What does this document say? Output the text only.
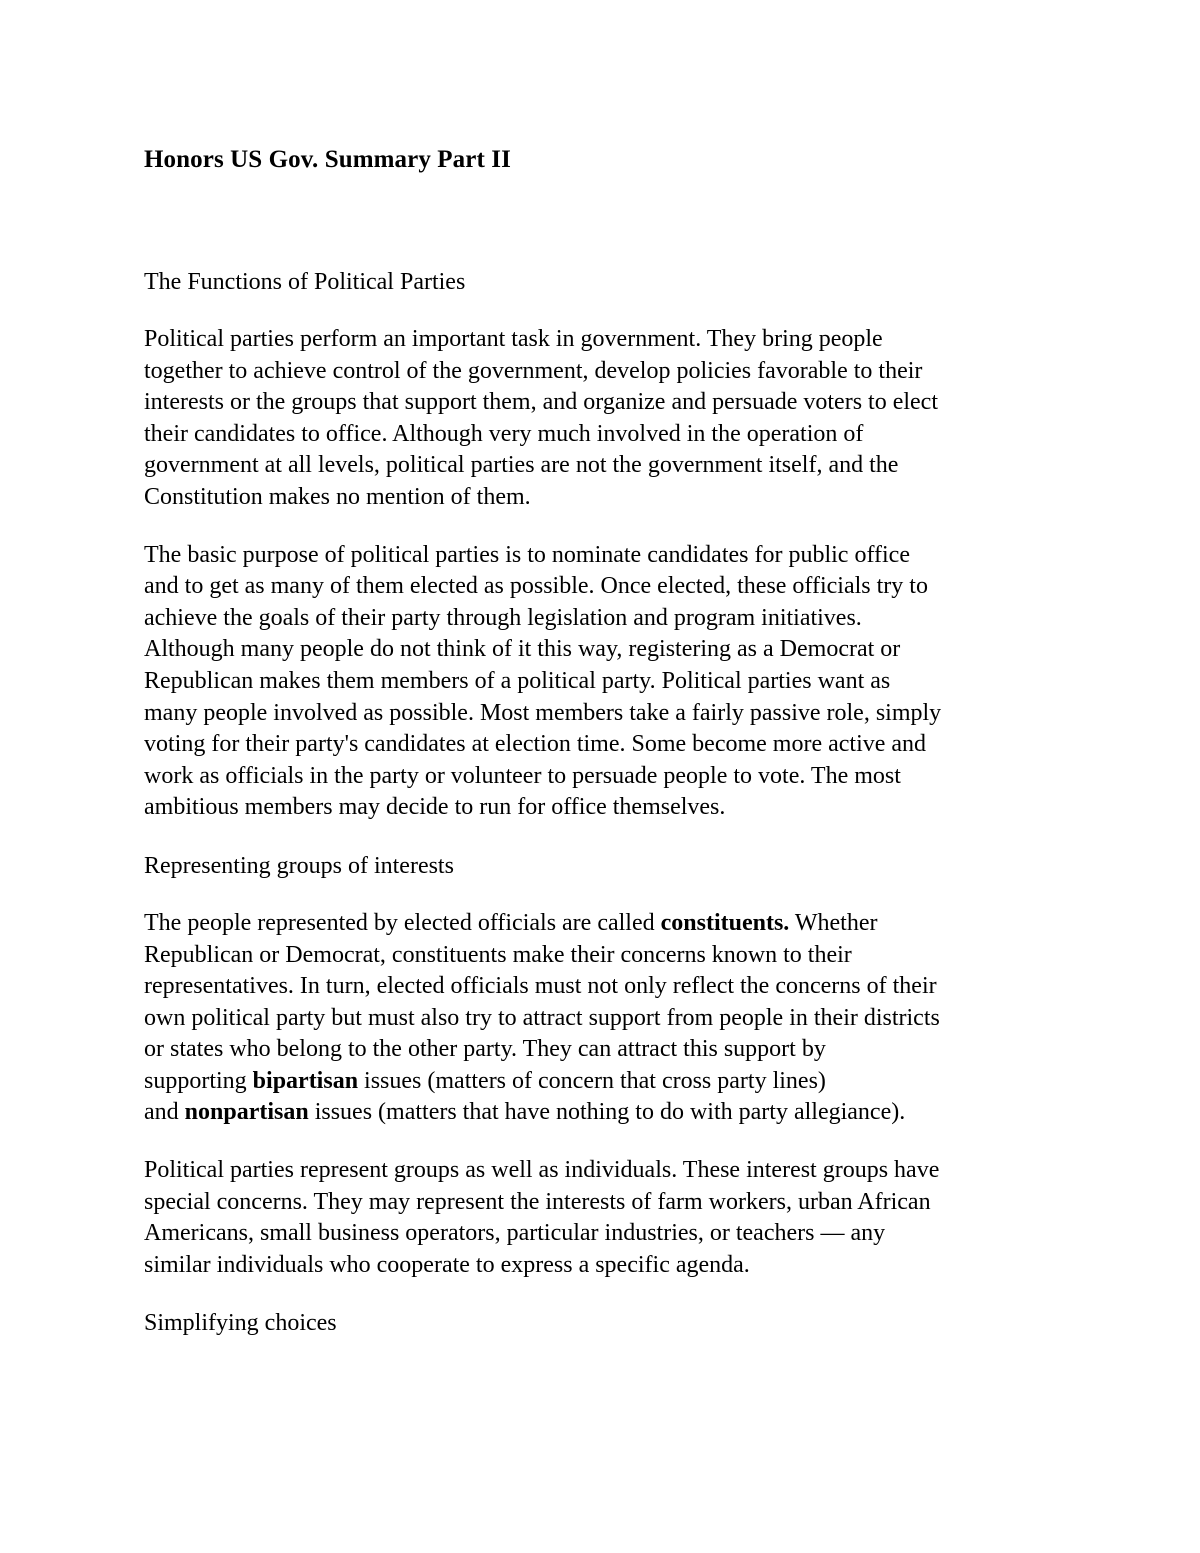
Honors US Gov. Summary Part II
The Functions of Political Parties

Political parties perform an important task in government. They bring people
together to achieve control of the government, develop policies favorable to their
interests or the groups that support them, and organize and persuade voters to elect
their candidates to office. Although very much involved in the operation of
government at all levels, political parties are not the government itself, and the
Constitution makes no mention of them.

The basic purpose of political parties is to nominate candidates for public office
and to get as many of them elected as possible. Once elected, these officials try to
achieve the goals of their party through legislation and program initiatives.
Although many people do not think of it this way, registering as a Democrat or
Republican makes them members of a political party. Political parties want as
many people involved as possible. Most members take a fairly passive role, simply
voting for their party's candidates at election time. Some become more active and
work as officials in the party or volunteer to persuade people to vote. The most
ambitious members may decide to run for office themselves.

Representing groups of interests

The people represented by elected officials are called constituents. Whether
Republican or Democrat, constituents make their concerns known to their
representatives. In turn, elected officials must not only reflect the concerns of their
own political party but must also try to attract support from people in their districts
or states who belong to the other party. They can attract this support by
supporting bipartisan issues (matters of concern that cross party lines)
and nonpartisan issues (matters that have nothing to do with party allegiance).

Political parties represent groups as well as individuals. These interest groups have
special concerns. They may represent the interests of farm workers, urban African
Americans, small business operators, particular industries, or teachers — any
similar individuals who cooperate to express a specific agenda.

Simplifying choices
